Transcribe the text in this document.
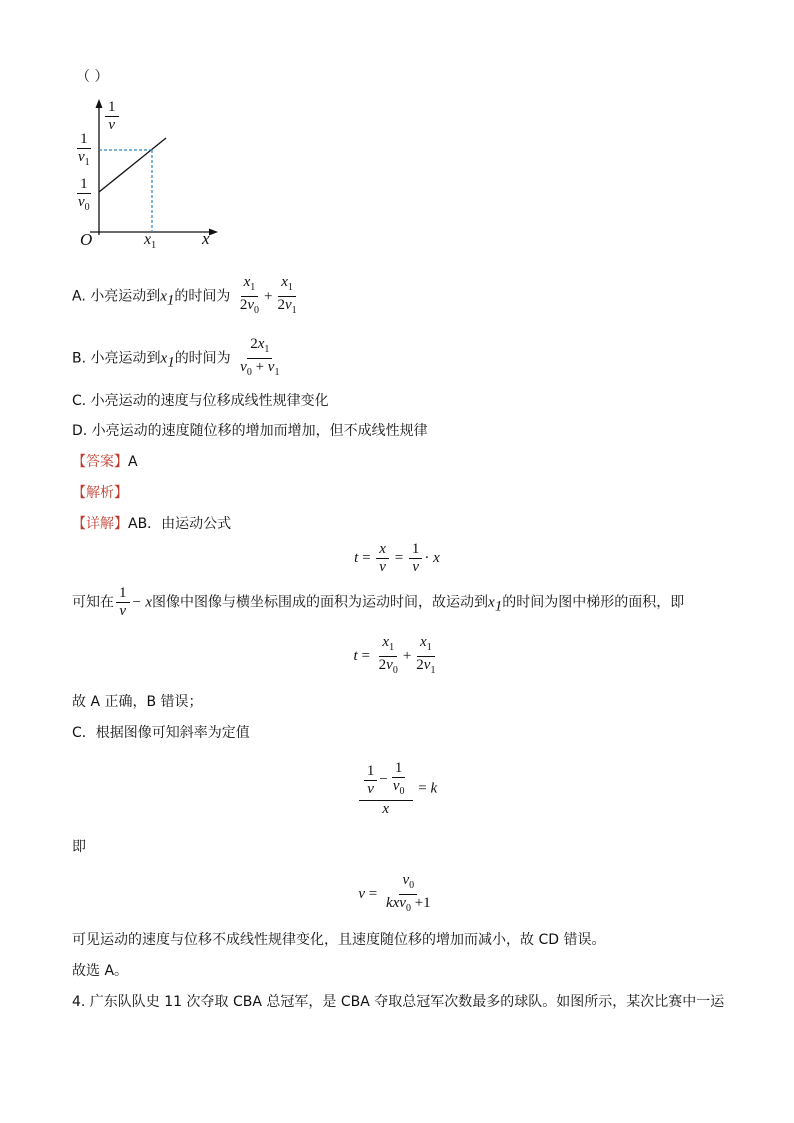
（ ）
$\frac{1}{v}$
$\frac{1}{v_1}$
$\frac{1}{v_0}$
O	$x_1$	x
A. 小亮运动到$x_1$的时间为 $\frac{x_1}{2v_0} + \frac{x_1}{2v_1}$
B. 小亮运动到$x_1$的时间为 $\frac{2x_1}{v_0 + v_1}$
C. 小亮运动的速度与位移成线性规律变化
D. 小亮运动的速度随位移的增加而增加，但不成线性规律
【答案】A
【解析】
【详解】AB．由运动公式
$t = \frac{x}{v} = \frac{1}{v} \cdot x$
可知在 $\frac{1}{v} - x$图像中图像与横坐标围成的面积为运动时间，故运动到$x_1$的时间为图中梯形的面积，即
$t = \frac{x_1}{2v_0} + \frac{x_1}{2v_1}$
故 A 正确，B 错误；
C．根据图像可知斜率为定值
$\frac{\frac{1}{v} - \frac{1}{v_0}}{x} = k$
即
$v = \frac{v_0}{kxv_0 +1}$
可见运动的速度与位移不成线性规律变化，且速度随位移的增加而减小，故 CD 错误。
故选 A。
4. 广东队队史 11 次夺取 CBA 总冠军，是 CBA 夺取总冠军次数最多的球队。如图所示，某次比赛中一运
